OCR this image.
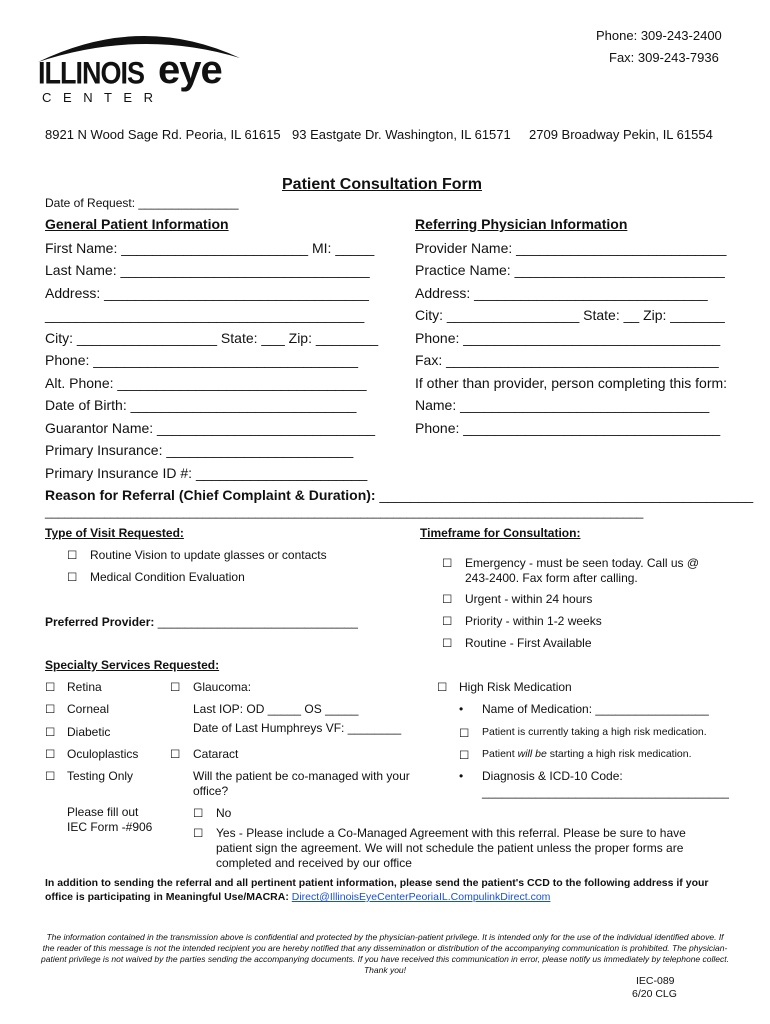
ILLINOIS eye
C E N T E R
Phone: 309-243-2400
Fax: 309-243-7936
8921 N Wood Sage Rd. Peoria, IL 61615 93 Eastgate Dr. Washington, IL 61571 2709 Broadway Pekin, IL 61554
Patient Consultation Form
Date of Request: _______________
General Patient Information
First Name: ________________________ MI: _____
Last Name: ________________________________
Address: __________________________________
_________________________________________
City: __________________ State: ___ Zip: ________
Phone: __________________________________
Alt. Phone: ________________________________
Date of Birth: _____________________________
Guarantor Name: ____________________________
Primary Insurance: ________________________
Primary Insurance ID #: ______________________
Referring Physician Information
Provider Name: ___________________________
Practice Name: ___________________________
Address: ______________________________
City: _________________ State: __ Zip: _______
Phone: _________________________________
Fax: ___________________________________
If other than provider, person completing this form:
Name: ________________________________
Phone: _________________________________
Reason for Referral (Chief Complaint & Duration): ________________________________________________
___________________________________________________________________________________________
Type of Visit Requested:
☐ Routine Vision to update glasses or contacts
☐ Medical Condition Evaluation
Preferred Provider: ______________________________
Timeframe for Consultation:
☐ Emergency - must be seen today. Call us @
243-2400. Fax form after calling.
☐ Urgent - within 24 hours
☐ Priority - within 1-2 weeks
☐ Routine - First Available
Specialty Services Requested:
☐ Retina
☐ Corneal
☐ Diabetic
☐ Oculoplastics
☐ Testing Only
Please fill out
IEC Form -#906
☐ Glaucoma:
Last IOP: OD _____ OS _____
Date of Last Humphreys VF: ________
☐ Cataract
Will the patient be co-managed with your
office?
☐ No
☐ Yes - Please include a Co-Managed Agreement with this referral. Please be sure to have
patient sign the agreement. We will not schedule the patient unless the proper forms are
completed and received by our office
☐ High Risk Medication
• Name of Medication: _________________
☐ Patient is currently taking a high risk medication.
☐ Patient will be starting a high risk medication.
• Diagnosis & ICD-10 Code:
_____________________________________
In addition to sending the referral and all pertinent patient information, please send the patient's CCD to the following address if your
office is participating in Meaningful Use/MACRA: Direct@IllinoisEyeCenterPeoriaIL.CompulinkDirect.com
The information contained in the transmission above is confidential and protected by the physician-patient privilege. It is intended only for the use of the individual identified above. If the reader of this message is not the intended recipient you are hereby notified that any dissemination or distribution of the accompanying communication is prohibited. The physician-patient privilege is not waived by the parties sending the accompanying documents. If you have received this communication in error, please notify us immediately by telephone collect. Thank you!
IEC-089
6/20 CLG
